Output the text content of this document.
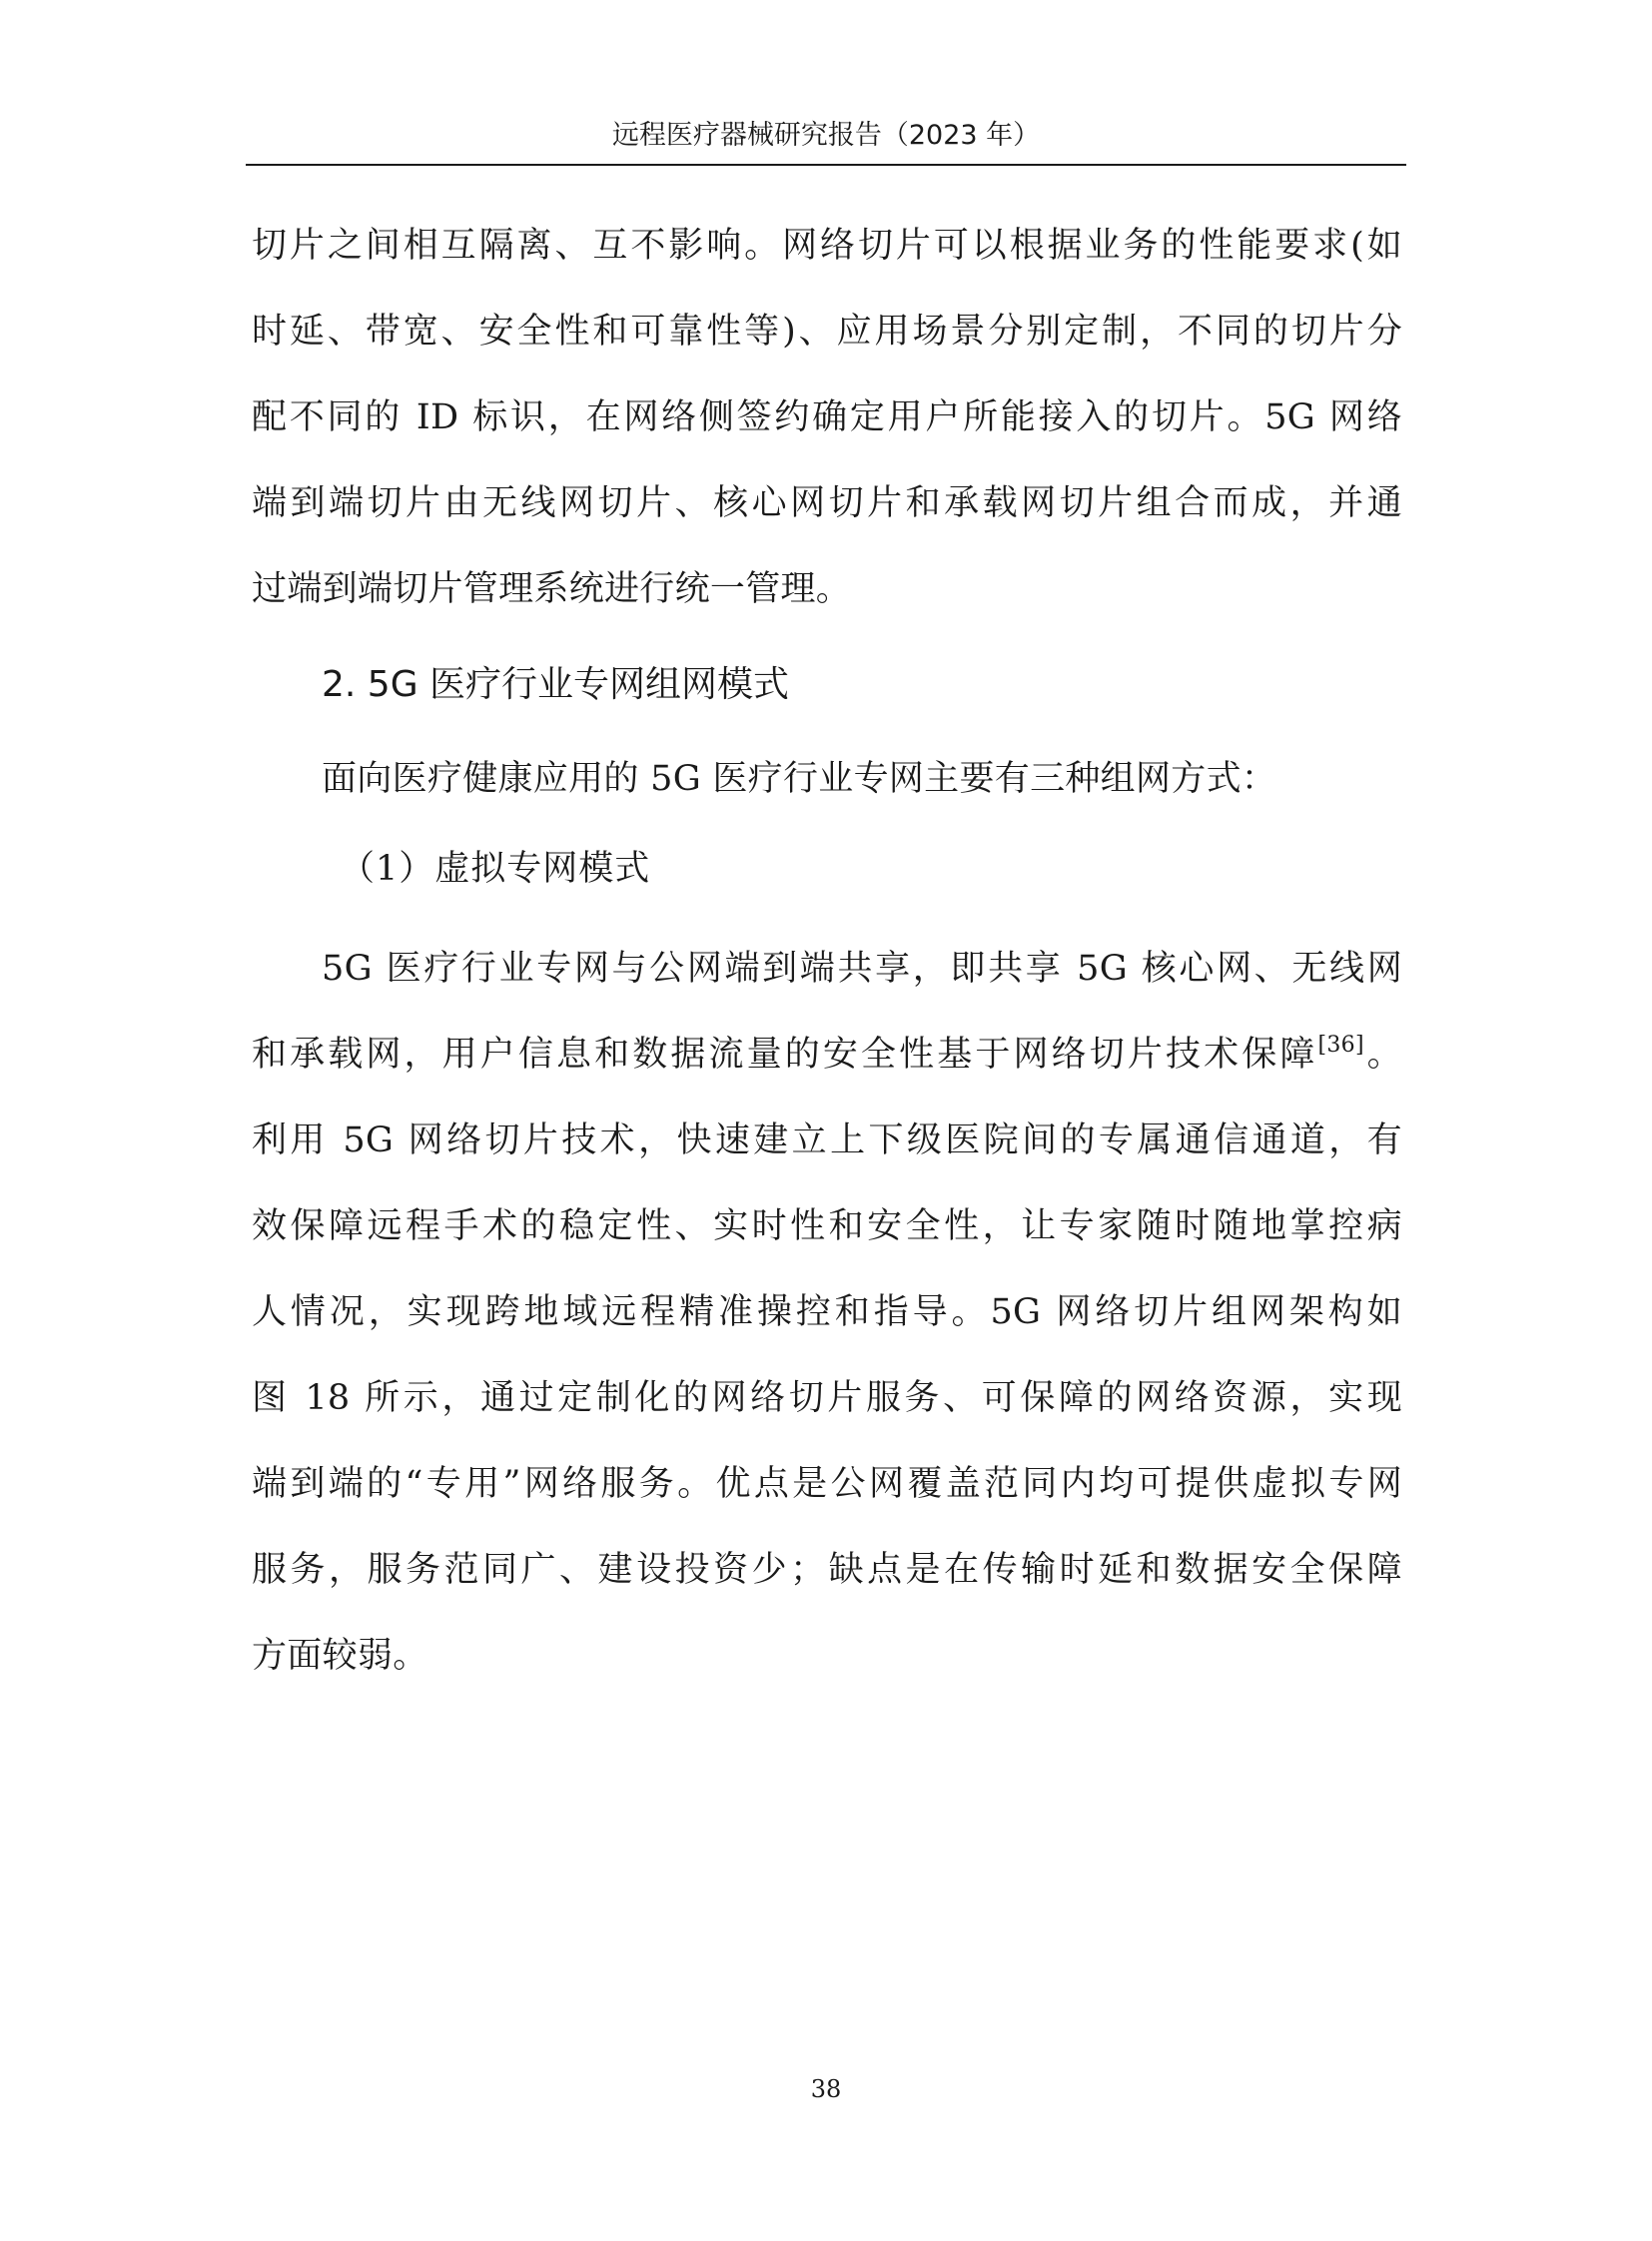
远程医疗器械研究报告（2023 年）
切片之间相互隔离、互不影响。网络切片可以根据业务的性能要求(如
时延、带宽、安全性和可靠性等)、应用场景分别定制，不同的切片分
配不同的 ID 标识，在网络侧签约确定用户所能接入的切片。5G 网络
端到端切片由无线网切片、核心网切片和承载网切片组合而成，并通
过端到端切片管理系统进行统一管理。
2. 5G 医疗行业专网组网模式
面向医疗健康应用的 5G 医疗行业专网主要有三种组网方式：
（1）虚拟专网模式
5G 医疗行业专网与公网端到端共享，即共享 5G 核心网、无线网
和承载网，用户信息和数据流量的安全性基于网络切片技术保障[36]。
利用 5G 网络切片技术，快速建立上下级医院间的专属通信通道，有
效保障远程手术的稳定性、实时性和安全性，让专家随时随地掌控病
人情况，实现跨地域远程精准操控和指导。5G 网络切片组网架构如
图 18 所示，通过定制化的网络切片服务、可保障的网络资源，实现
端到端的“专用”网络服务。优点是公网覆盖范同内均可提供虚拟专网
服务，服务范同广、建设投资少；缺点是在传输时延和数据安全保障
方面较弱。
38
